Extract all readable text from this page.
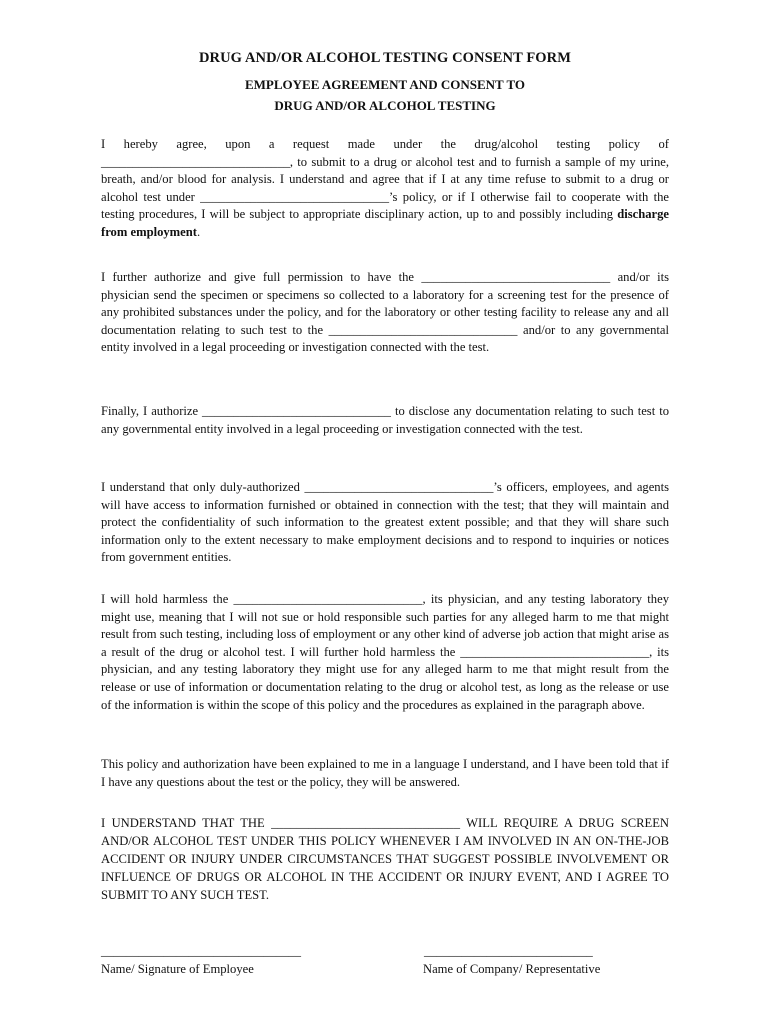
DRUG AND/OR ALCOHOL TESTING CONSENT FORM
EMPLOYEE AGREEMENT AND CONSENT TO
DRUG AND/OR ALCOHOL TESTING
I hereby agree, upon a request made under the drug/alcohol testing policy of ______________________________, to submit to a drug or alcohol test and to furnish a sample of my urine, breath, and/or blood for analysis. I understand and agree that if I at any time refuse to submit to a drug or alcohol test under ______________________________’s policy, or if I otherwise fail to cooperate with the testing procedures, I will be subject to appropriate disciplinary action, up to and possibly including discharge from employment.
I further authorize and give full permission to have the ______________________________ and/or its physician send the specimen or specimens so collected to a laboratory for a screening test for the presence of any prohibited substances under the policy, and for the laboratory or other testing facility to release any and all documentation relating to such test to the ______________________________ and/or to any governmental entity involved in a legal proceeding or investigation connected with the test.
Finally, I authorize ______________________________ to disclose any documentation relating to such test to any governmental entity involved in a legal proceeding or investigation connected with the test.
I understand that only duly-authorized ______________________________’s officers, employees, and agents will have access to information furnished or obtained in connection with the test; that they will maintain and protect the confidentiality of such information to the greatest extent possible; and that they will share such information only to the extent necessary to make employment decisions and to respond to inquiries or notices from government entities.
I will hold harmless the ______________________________, its physician, and any testing laboratory they might use, meaning that I will not sue or hold responsible such parties for any alleged harm to me that might result from such testing, including loss of employment or any other kind of adverse job action that might arise as a result of the drug or alcohol test. I will further hold harmless the ______________________________, its physician, and any testing laboratory they might use for any alleged harm to me that might result from the release or use of information or documentation relating to the drug or alcohol test, as long as the release or use of the information is within the scope of this policy and the procedures as explained in the paragraph above.
This policy and authorization have been explained to me in a language I understand, and I have been told that if I have any questions about the test or the policy, they will be answered.
I UNDERSTAND THAT THE ______________________________ WILL REQUIRE A DRUG SCREEN AND/OR ALCOHOL TEST UNDER THIS POLICY WHENEVER I AM INVOLVED IN AN ON-THE-JOB ACCIDENT OR INJURY UNDER CIRCUMSTANCES THAT SUGGEST POSSIBLE INVOLVEMENT OR INFLUENCE OF DRUGS OR ALCOHOL IN THE ACCIDENT OR INJURY EVENT, AND I AGREE TO SUBMIT TO ANY SUCH TEST.
________________________________
Name/ Signature of Employee
___________________________
Name of Company/ Representative
